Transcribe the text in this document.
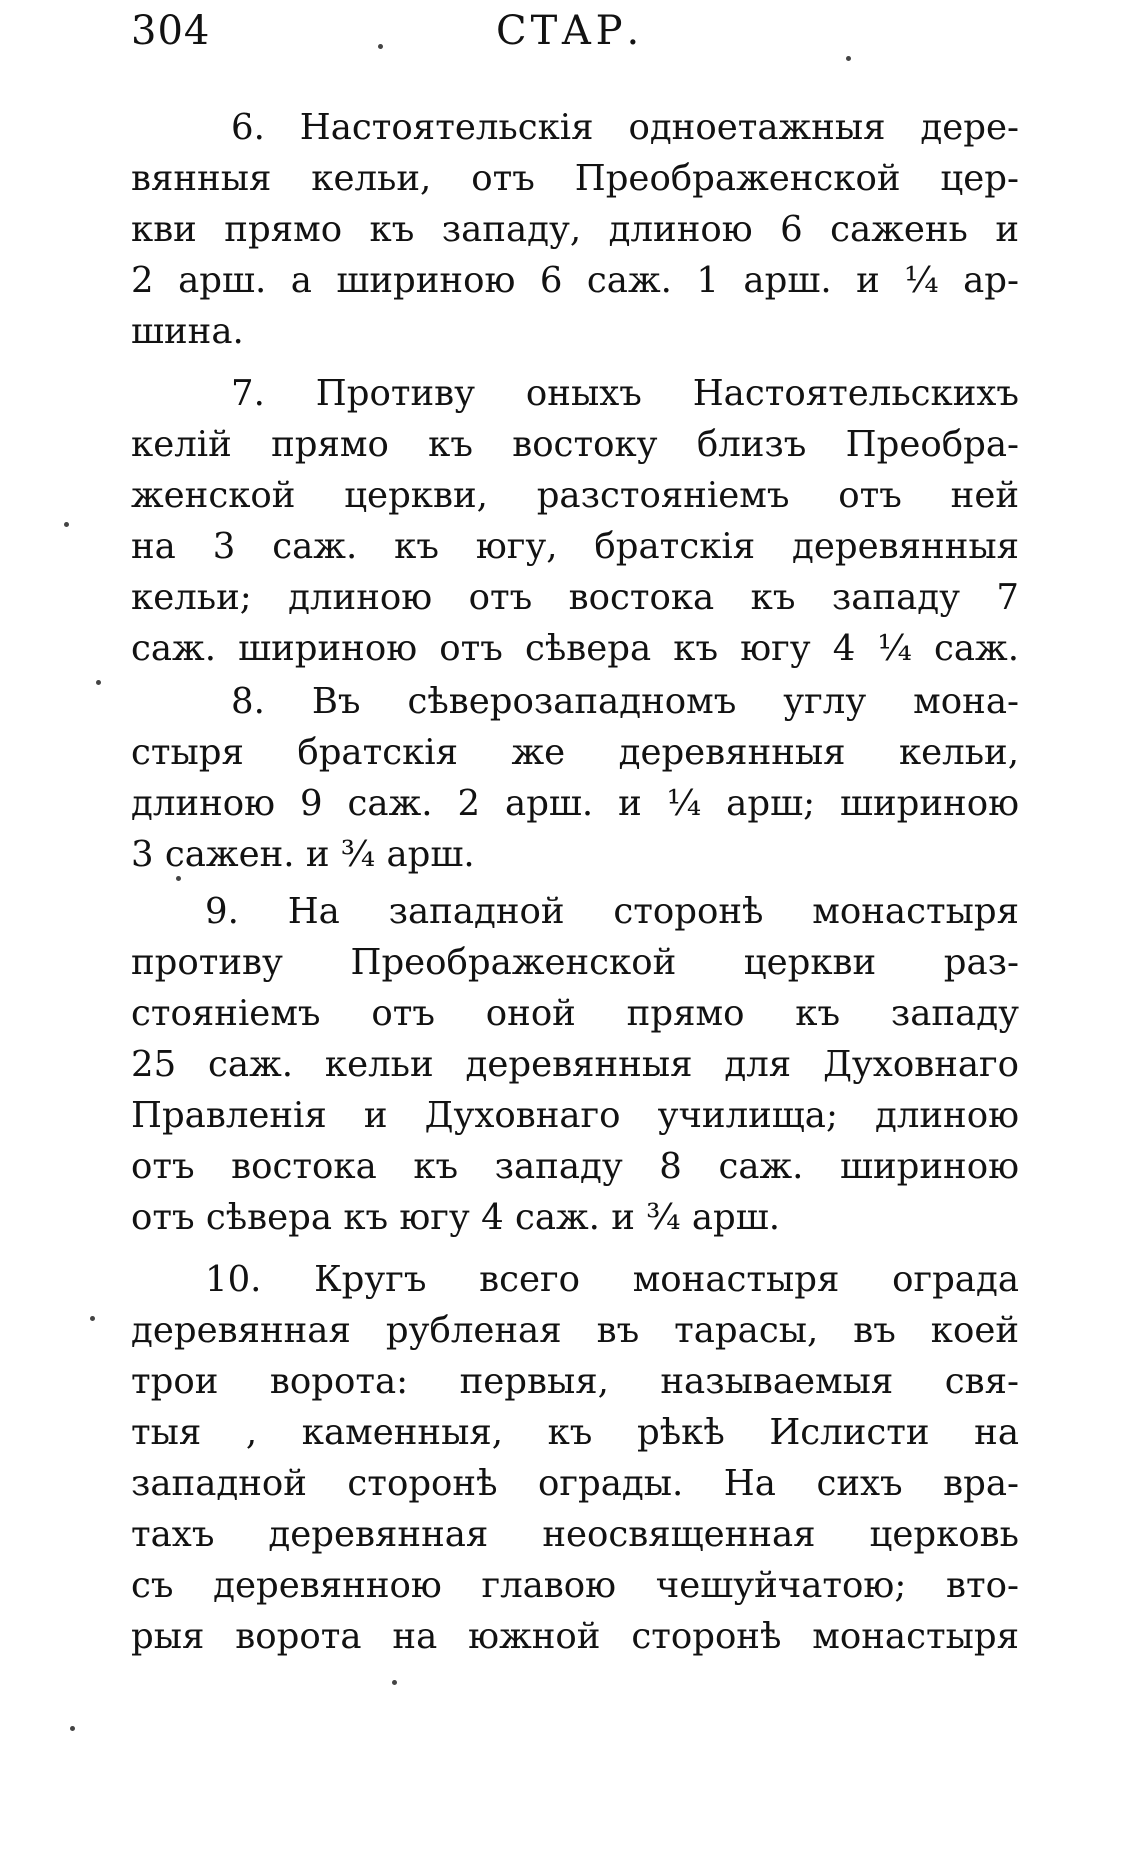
304	СТАР.
6. Настоятельскія одноетажныя дере-
вянныя кельи, отъ Преображенской цер-
кви прямо къ западу, длиною 6 сажень и
2 арш. а шириною 6 саж. 1 арш. и ¼ ар-
шина.
7. Противу оныхъ Настоятельскихъ
келій прямо къ востоку близъ Преобра-
женской церкви, разстояніемъ отъ ней
на 3 саж. къ югу, братскія деревянныя
кельи; длиною отъ востока къ западу 7
саж. шириною отъ сѣвера къ югу 4 ¼ саж.
8. Въ сѣверозападномъ углу мона-
стыря братскія же деревянныя кельи,
длиною 9 саж. 2 арш. и ¼ арш; шириною
3 сажен. и ¾ арш.
9. На западной сторонѣ монастыря
противу Преображенской церкви раз-
стояніемъ отъ оной прямо къ западу
25 саж. кельи деревянныя для Духовнаго
Правленія и Духовнаго училища; длиною
отъ востока къ западу 8 саж. шириною
отъ сѣвера къ югу 4 саж. и ¾ арш.
10. Кругъ всего монастыря ограда
деревянная рубленая въ тарасы, въ коей
трои ворота: первыя, называемыя свя-
тыя , каменныя, къ рѣкѣ Ислисти на
западной сторонѣ ограды. На сихъ вра-
тахъ деревянная неосвященная церковь
съ деревянною главою чешуйчатою; вто-
рыя ворота на южной сторонѣ монастыря
